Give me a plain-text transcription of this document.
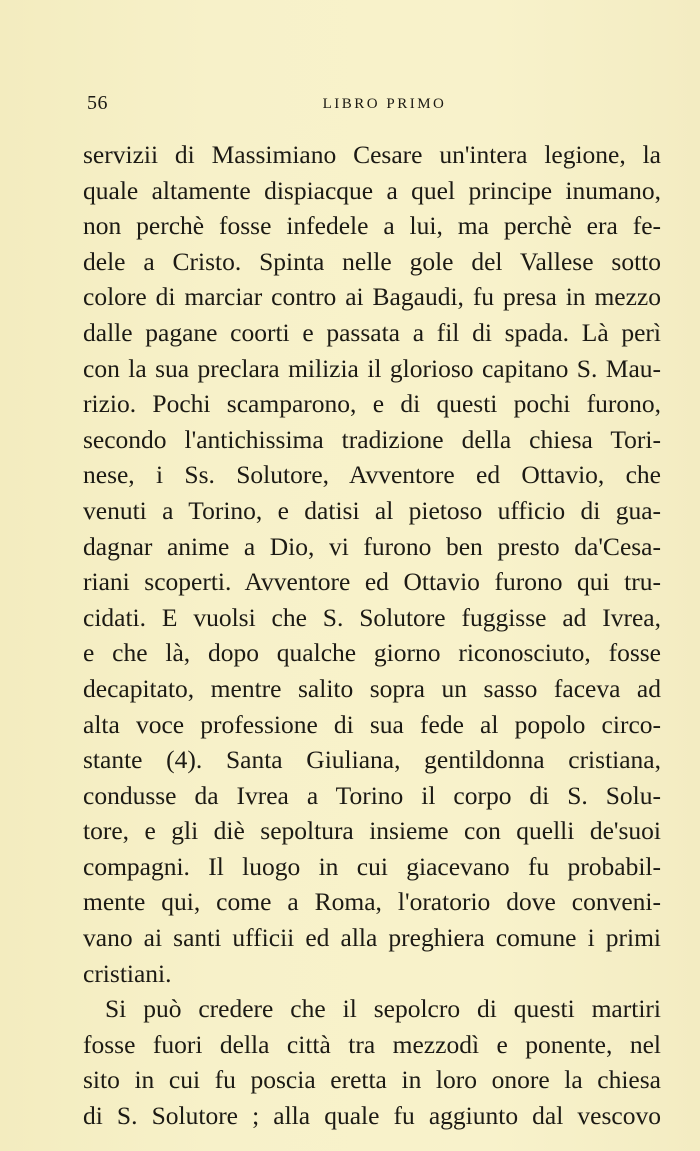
56	LIBRO PRIMO
servizii di Massimiano Cesare un'intera legione, la
quale altamente dispiacque a quel principe inumano,
non perchè fosse infedele a lui, ma perchè era fe-
dele a Cristo. Spinta nelle gole del Vallese sotto
colore di marciar contro ai Bagaudi, fu presa in mezzo
dalle pagane coorti e passata a fil di spada. Là perì
con la sua preclara milizia il glorioso capitano S. Mau-
rizio. Pochi scamparono, e di questi pochi furono,
secondo l'antichissima tradizione della chiesa Tori-
nese, i Ss. Solutore, Avventore ed Ottavio, che
venuti a Torino, e datisi al pietoso ufficio di gua-
dagnar anime a Dio, vi furono ben presto da'Cesa-
riani scoperti. Avventore ed Ottavio furono qui tru-
cidati. E vuolsi che S. Solutore fuggisse ad Ivrea,
e che là, dopo qualche giorno riconosciuto, fosse
decapitato, mentre salito sopra un sasso faceva ad
alta voce professione di sua fede al popolo circo-
stante (4). Santa Giuliana, gentildonna cristiana,
condusse da Ivrea a Torino il corpo di S. Solu-
tore, e gli diè sepoltura insieme con quelli de'suoi
compagni. Il luogo in cui giacevano fu probabil-
mente qui, come a Roma, l'oratorio dove conveni-
vano ai santi ufficii ed alla preghiera comune i primi
cristiani.
Si può credere che il sepolcro di questi martiri
fosse fuori della città tra mezzodì e ponente, nel
sito in cui fu poscia eretta in loro onore la chiesa
di S. Solutore ; alla quale fu aggiunto dal vescovo
